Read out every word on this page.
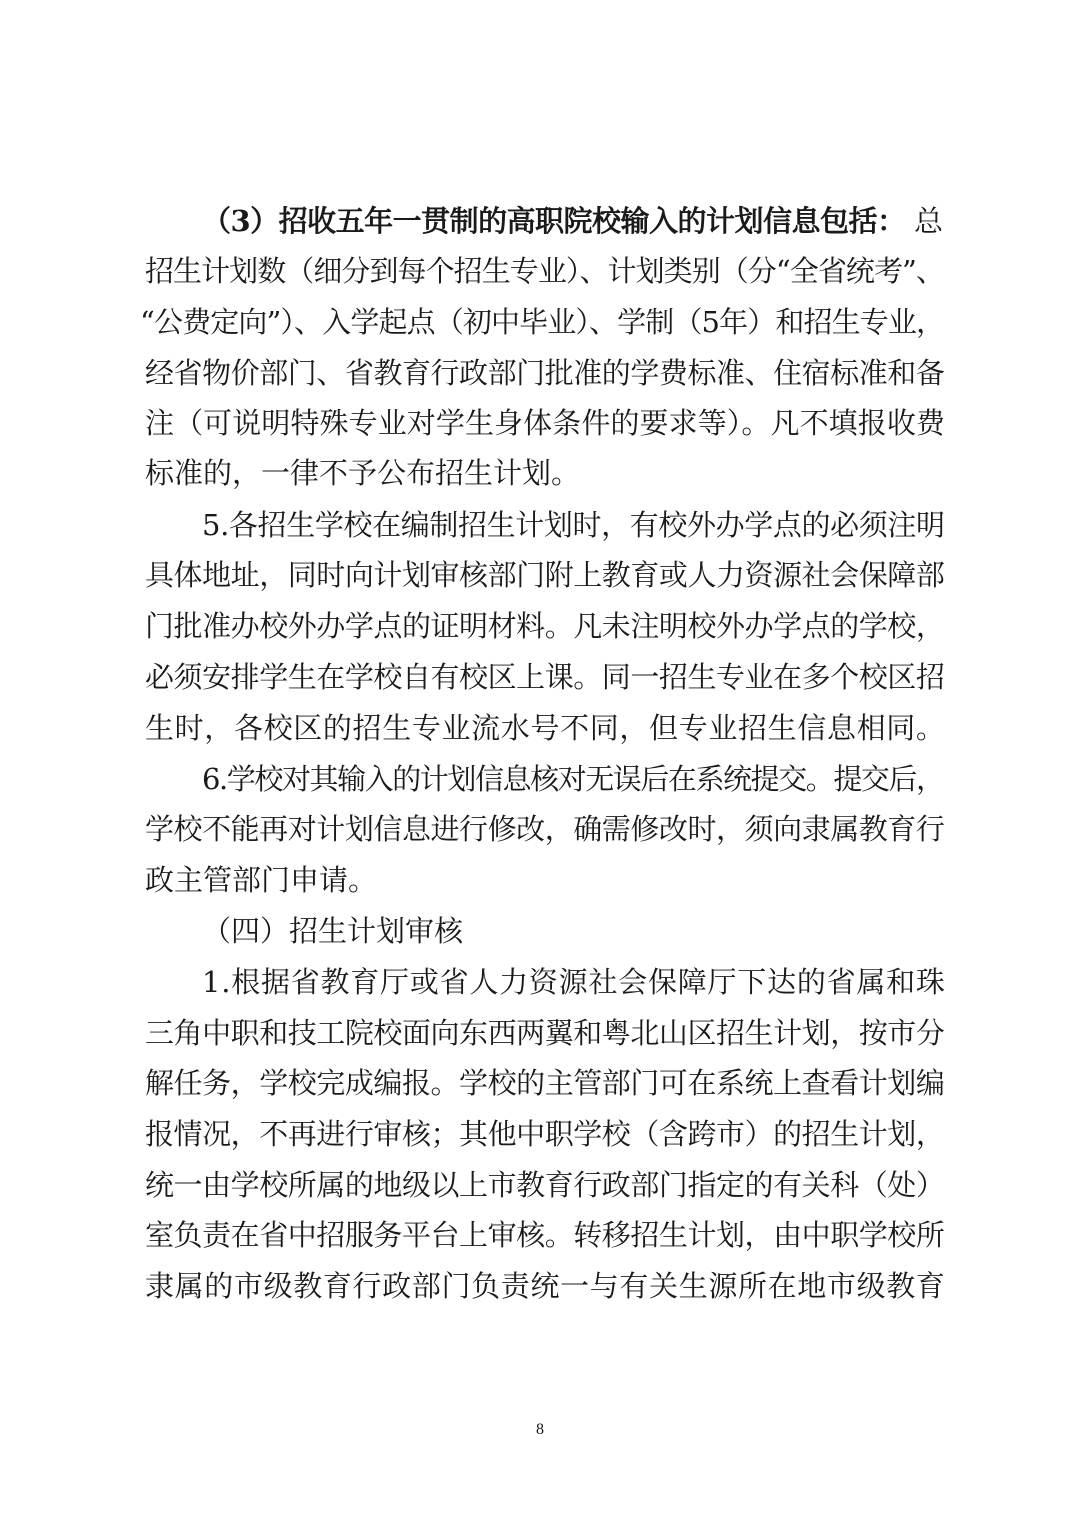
（3）招收五年一贯制的高职院校输入的计划信息包括： 总
招生计划数（细分到每个招生专业）、计划类别（分“全省统考”、
“公费定向”）、入学起点（初中毕业）、学制（5年）和招生专业，
经省物价部门、省教育行政部门批准的学费标准、住宿标准和备
注（可说明特殊专业对学生身体条件的要求等）。凡不填报收费
标准的，一律不予公布招生计划。
5.各招生学校在编制招生计划时，有校外办学点的必须注明
具体地址，同时向计划审核部门附上教育或人力资源社会保障部
门批准办校外办学点的证明材料。凡未注明校外办学点的学校，
必须安排学生在学校自有校区上课。同一招生专业在多个校区招
生时，各校区的招生专业流水号不同，但专业招生信息相同。
6.学校对其输入的计划信息核对无误后在系统提交。提交后，
学校不能再对计划信息进行修改，确需修改时，须向隶属教育行
政主管部门申请。
（四）招生计划审核
1.根据省教育厅或省人力资源社会保障厅下达的省属和珠
三角中职和技工院校面向东西两翼和粤北山区招生计划，按市分
解任务，学校完成编报。学校的主管部门可在系统上查看计划编
报情况，不再进行审核；其他中职学校（含跨市）的招生计划，
统一由学校所属的地级以上市教育行政部门指定的有关科（处）
室负责在省中招服务平台上审核。转移招生计划，由中职学校所
隶属的市级教育行政部门负责统一与有关生源所在地市级教育
8
